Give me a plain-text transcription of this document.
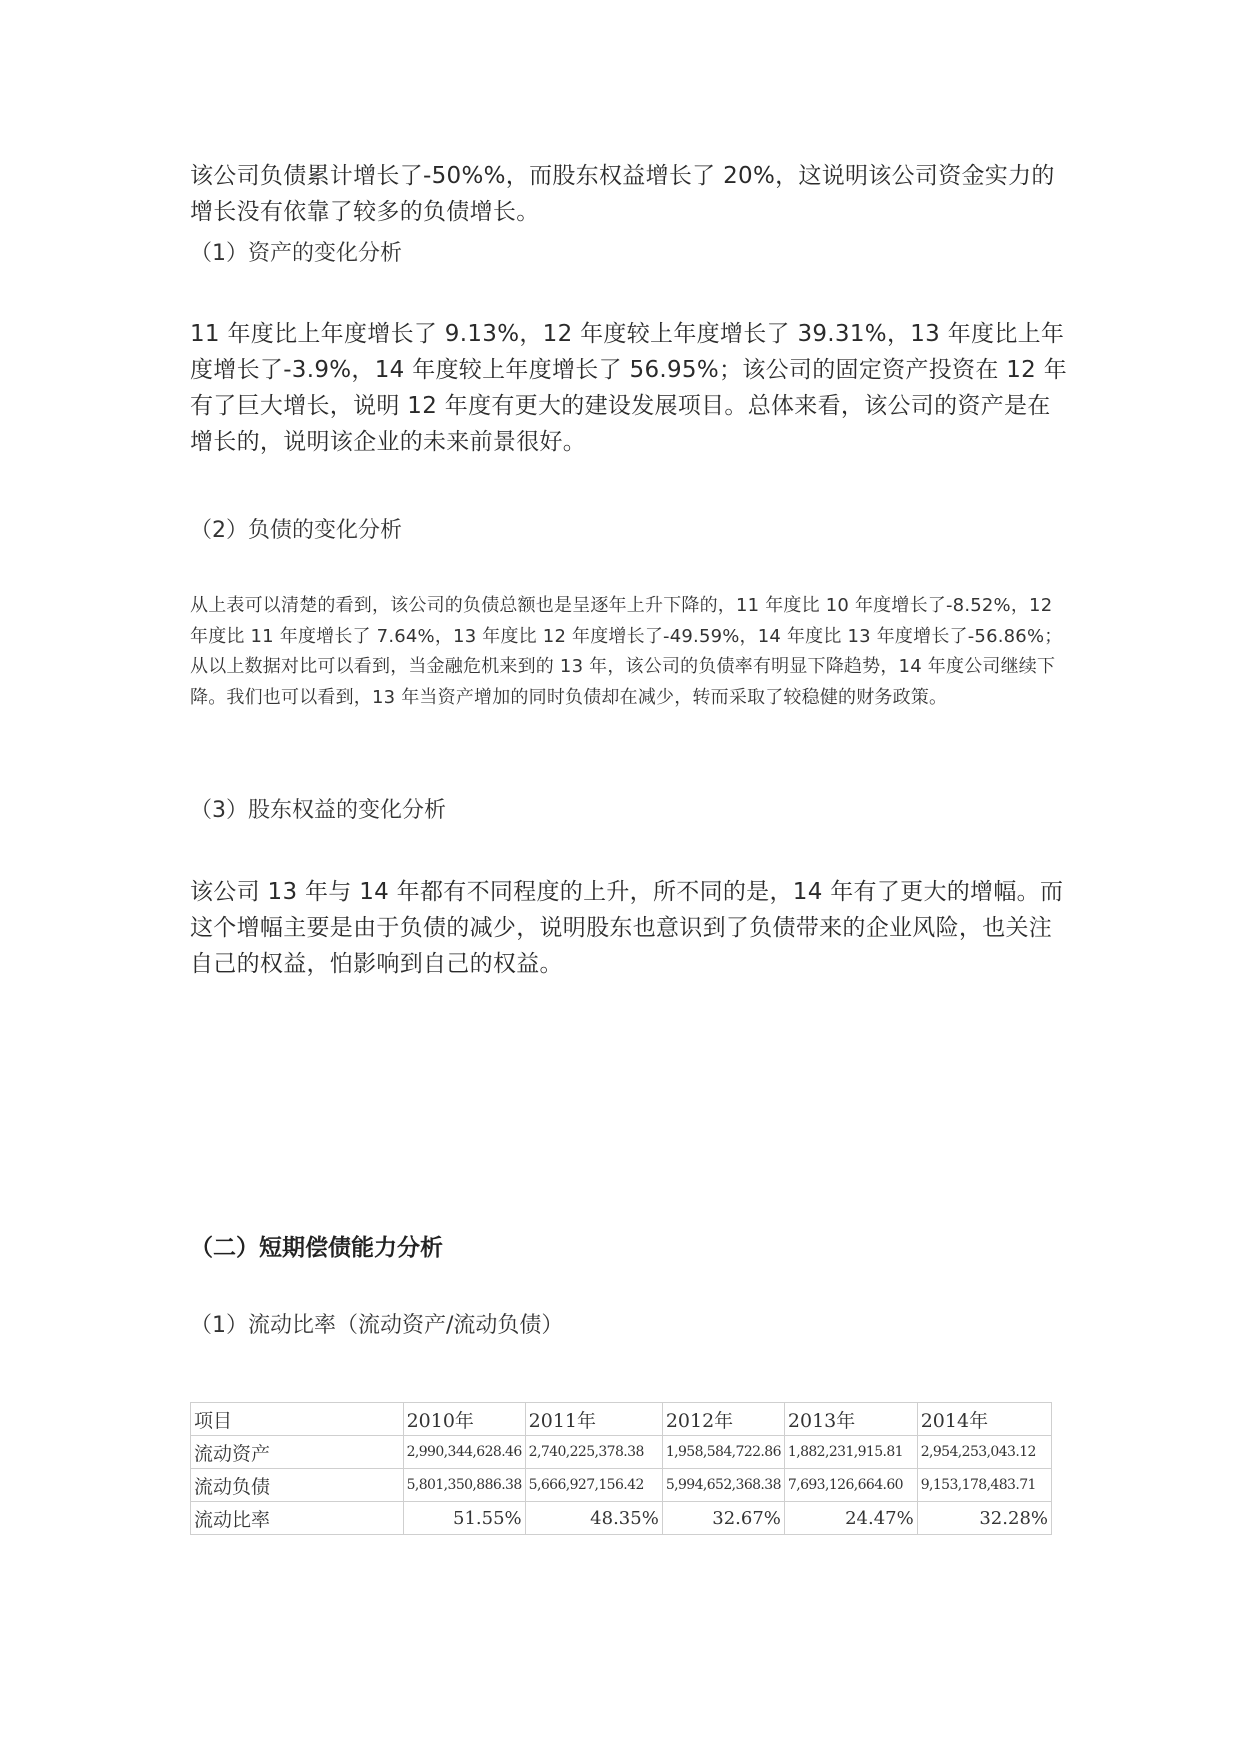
该公司负债累计增长了-50%%，而股东权益增长了 20%，这说明该公司资金实力的增长没有依靠了较多的负债增长。

（1）资产的变化分析

11 年度比上年度增长了 9.13%，12 年度较上年度增长了 39.31%，13 年度比上年度增长了-3.9%，14 年度较上年度增长了 56.95%；该公司的固定资产投资在 12 年有了巨大增长，说明 12 年度有更大的建设发展项目。总体来看，该公司的资产是在增长的，说明该企业的未来前景很好。

（2）负债的变化分析

从上表可以清楚的看到，该公司的负债总额也是呈逐年上升下降的，11 年度比 10 年度增长了-8.52%，12 年度比 11 年度增长了 7.64%，13 年度比 12 年度增长了-49.59%，14 年度比 13 年度增长了-56.86%；从以上数据对比可以看到，当金融危机来到的 13 年，该公司的负债率有明显下降趋势，14 年度公司继续下降。我们也可以看到，13 年当资产增加的同时负债却在减少，转而采取了较稳健的财务政策。

（3）股东权益的变化分析

该公司 13 年与 14 年都有不同程度的上升，所不同的是，14 年有了更大的增幅。而这个增幅主要是由于负债的减少，说明股东也意识到了负债带来的企业风险，也关注自己的权益，怕影响到自己的权益。

（二）短期偿债能力分析

（1）流动比率（流动资产/流动负债）

项目	2010年	2011年	2012年	2013年	2014年
流动资产	2,990,344,628.46	2,740,225,378.38	1,958,584,722.86	1,882,231,915.81	2,954,253,043.12
流动负债	5,801,350,886.38	5,666,927,156.42	5,994,652,368.38	7,693,126,664.60	9,153,178,483.71
流动比率	51.55%	48.35%	32.67%	24.47%	32.28%
